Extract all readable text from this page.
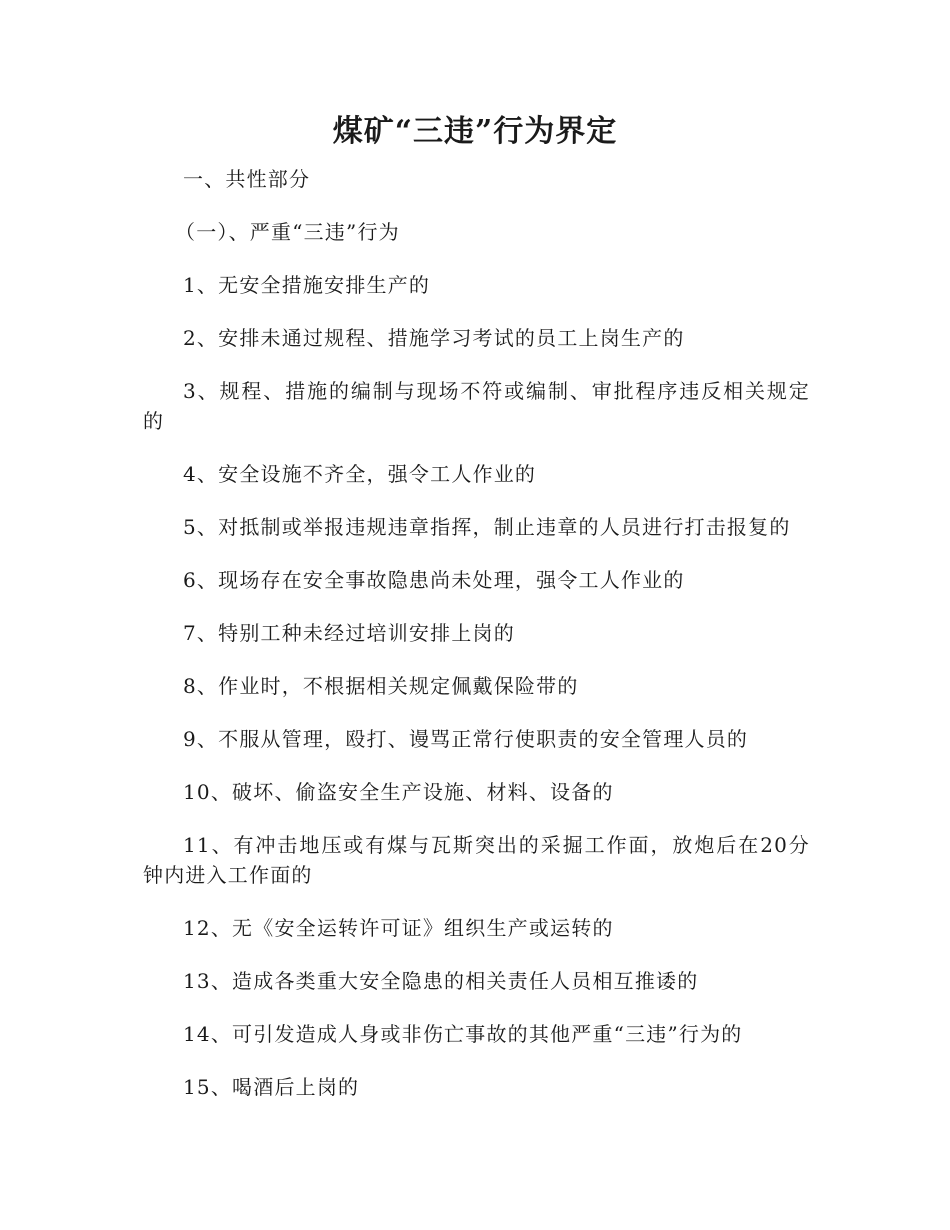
煤矿“三违”行为界定

一、共性部分

（一）、严重“三违”行为

1、无安全措施安排生产的

2、安排未通过规程、措施学习考试的员工上岗生产的

3、规程、措施的编制与现场不符或编制、审批程序违反相关规定的

4、安全设施不齐全，强令工人作业的

5、对抵制或举报违规违章指挥，制止违章的人员进行打击报复的

6、现场存在安全事故隐患尚未处理，强令工人作业的

7、特别工种未经过培训安排上岗的

8、作业时，不根据相关规定佩戴保险带的

9、不服从管理，殴打、谩骂正常行使职责的安全管理人员的

10、破坏、偷盗安全生产设施、材料、设备的

11、有冲击地压或有煤与瓦斯突出的采掘工作面，放炮后在20分钟内进入工作面的

12、无《安全运转许可证》组织生产或运转的

13、造成各类重大安全隐患的相关责任人员相互推诿的

14、可引发造成人身或非伤亡事故的其他严重“三违”行为的

15、喝酒后上岗的
